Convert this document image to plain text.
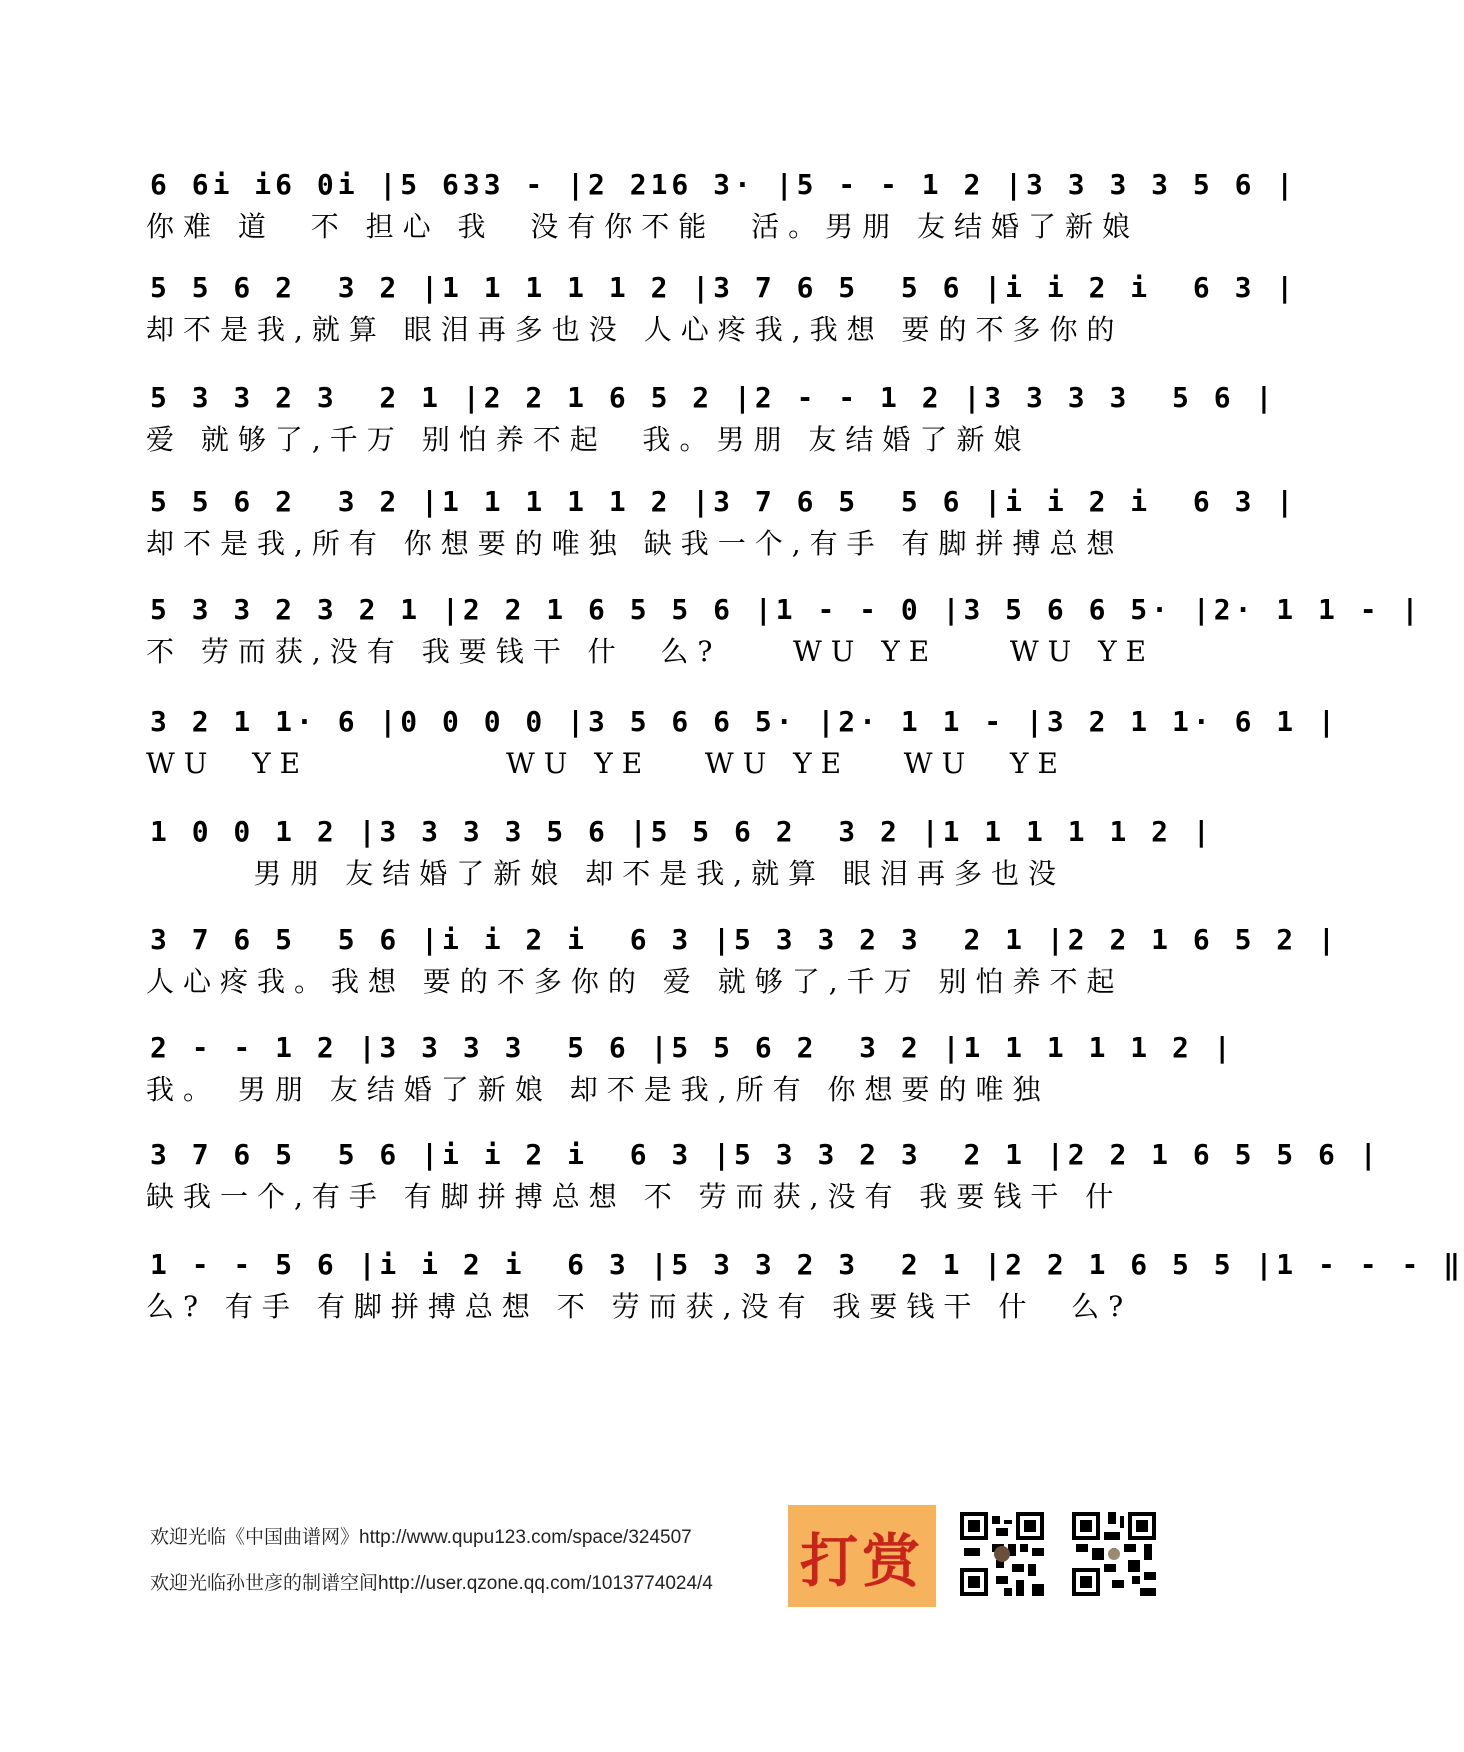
6 6i i6 0i |5 633 - |2 216 3· |5 - - 1 2 |3 3 3 3 5 6 |
你难 道  不 担心 我  没有你不能  活。男朋 友结婚了新娘
5 5 6 2  3 2 |1 1 1 1 1 2 |3 7 6 5  5 6 |i i 2 i  6 3 |
却不是我,就算 眼泪再多也没 人心疼我,我想 要的不多你的
5 3 3 2 3  2 1 |2 2 1 6 5 2 |2 - - 1 2 |3 3 3 3  5 6 |
爱 就够了,千万 别怕养不起  我。男朋 友结婚了新娘
5 5 6 2  3 2 |1 1 1 1 1 2 |3 7 6 5  5 6 |i i 2 i  6 3 |
却不是我,所有 你想要的唯独 缺我一个,有手 有脚拼搏总想
5 3 3 2 3 2 1 |2 2 1 6 5 5 6 |1 - - 0 |3 5 6 6 5· |2· 1 1 - |
不 劳而获,没有 我要钱干 什  么?    WU YE    WU YE
3 2 1 1· 6 |0 0 0 0 |3 5 6 6 5· |2· 1 1 - |3 2 1 1· 6 1 |
WU  YE           WU YE   WU YE   WU  YE
1 0 0 1 2 |3 3 3 3 5 6 |5 5 6 2  3 2 |1 1 1 1 1 2 |
男朋 友结婚了新娘 却不是我,就算 眼泪再多也没
3 7 6 5  5 6 |i i 2 i  6 3 |5 3 3 2 3  2 1 |2 2 1 6 5 2 |
人心疼我。我想 要的不多你的 爱 就够了,千万 别怕养不起
2 - - 1 2 |3 3 3 3  5 6 |5 5 6 2  3 2 |1 1 1 1 1 2 |
我。 男朋 友结婚了新娘 却不是我,所有 你想要的唯独
3 7 6 5  5 6 |i i 2 i  6 3 |5 3 3 2 3  2 1 |2 2 1 6 5 5 6 |
缺我一个,有手 有脚拼搏总想 不 劳而获,没有 我要钱干 什
1 - - 5 6 |i i 2 i  6 3 |5 3 3 2 3  2 1 |2 2 1 6 5 5 |1 - - - ‖
么? 有手 有脚拼搏总想 不 劳而获,没有 我要钱干 什  么?
欢迎光临《中国曲谱网》http://www.qupu123.com/space/324507
欢迎光临孙世彦的制谱空间http://user.qzone.qq.com/1013774024/4 打赏
